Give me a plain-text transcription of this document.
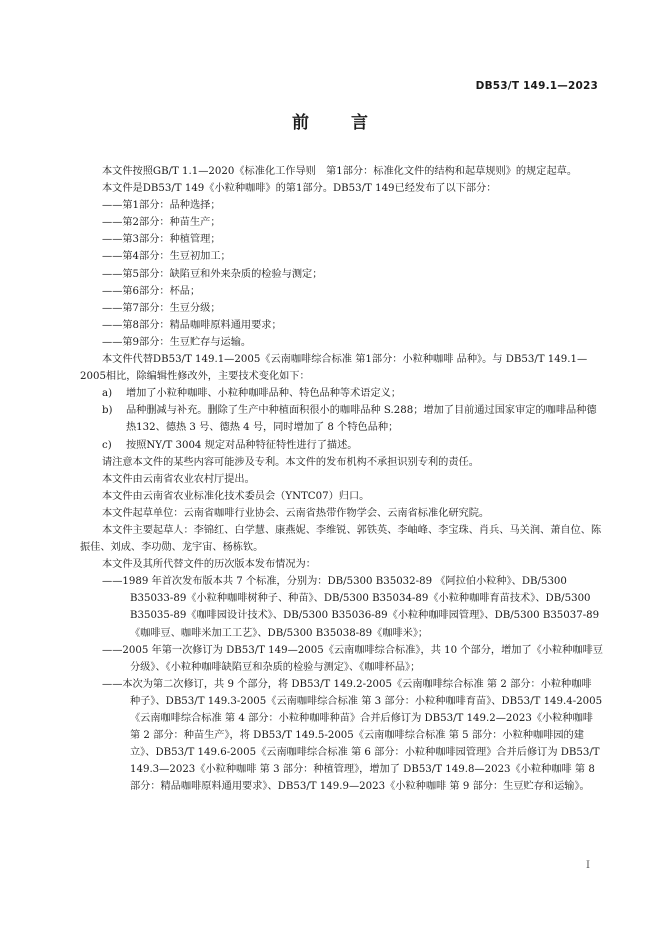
DB53/T 149.1—2023
前 言

本文件按照GB/T 1.1—2020《标准化工作导则　第1部分：标准化文件的结构和起草规则》的规定起草。

本文件是DB53/T 149《小粒种咖啡》的第1部分。DB53/T 149已经发布了以下部分：

——第1部分：品种选择；

——第2部分：种苗生产；

——第3部分：种植管理；

——第4部分：生豆初加工；

——第5部分：缺陷豆和外来杂质的检验与测定；

——第6部分：杯品；

——第7部分：生豆分级；

——第8部分：精品咖啡原料通用要求；

——第9部分：生豆贮存与运输。

本文件代替DB53/T 149.1—2005《云南咖啡综合标准 第1部分：小粒种咖啡 品种》。与 DB53/T 149.1—2005相比，除编辑性修改外，主要技术变化如下：

a)	增加了小粒种咖啡、小粒种咖啡品种、特色品种等术语定义；
b)	品种删减与补充。删除了生产中种植面积很小的咖啡品种 S.288；增加了目前通过国家审定的咖啡品种德热132、德热 3 号、德热 4 号，同时增加了 8 个特色品种；
c)	按照NY/T 3004 规定对品种特征特性进行了描述。

请注意本文件的某些内容可能涉及专利。本文件的发布机构不承担识别专利的责任。

本文件由云南省农业农村厅提出。

本文件由云南省农业标准化技术委员会（YNTC07）归口。

本文件起草单位：云南省咖啡行业协会、云南省热带作物学会、云南省标准化研究院。

本文件主要起草人：李锦红、白学慧、康燕妮、李维锐、郭铁英、李岫峰、李宝珠、肖兵、马关润、萧自位、陈振佳、刘成、李功勋、龙宇宙、杨栋钦。

本文件及其所代替文件的历次版本发布情况为：

——1989 年首次发布版本共 7 个标准，分别为：DB/5300 B35032-89 《阿拉伯小粒种》、DB/5300 B35033-89《小粒种咖啡树种子、种苗》、DB/5300 B35034-89《小粒种咖啡育苗技术》、DB/5300 B35035-89《咖啡园设计技术》、DB/5300 B35036-89《小粒种咖啡园管理》、DB/5300 B35037-89《咖啡豆、咖啡米加工工艺》、DB/5300 B35038-89《咖啡米》；

——2005 年第一次修订为 DB53/T 149—2005《云南咖啡综合标准》，共 10 个部分，增加了《小粒种咖啡豆分级》、《小粒种咖啡缺陷豆和杂质的检验与测定》、《咖啡杯品》；

——本次为第二次修订，共 9 个部分，将 DB53/T 149.2-2005《云南咖啡综合标准 第 2 部分：小粒种咖啡 种子》、DB53/T 149.3-2005《云南咖啡综合标准 第 3 部分：小粒种咖啡育苗》、DB53/T 149.4-2005《云南咖啡综合标准 第 4 部分：小粒种咖啡种苗》合并后修订为 DB53/T 149.2—2023《小粒种咖啡 第 2 部分：种苗生产》，将 DB53/T 149.5-2005《云南咖啡综合标准 第 5 部分：小粒种咖啡园的建立》、DB53/T 149.6-2005《云南咖啡综合标准 第 6 部分：小粒种咖啡园管理》合并后修订为 DB53/T 149.3—2023《小粒种咖啡 第 3 部分：种植管理》，增加了 DB53/T 149.8—2023《小粒种咖啡 第 8 部分：精品咖啡原料通用要求》、DB53/T 149.9—2023《小粒种咖啡 第 9 部分：生豆贮存和运输》。

I
